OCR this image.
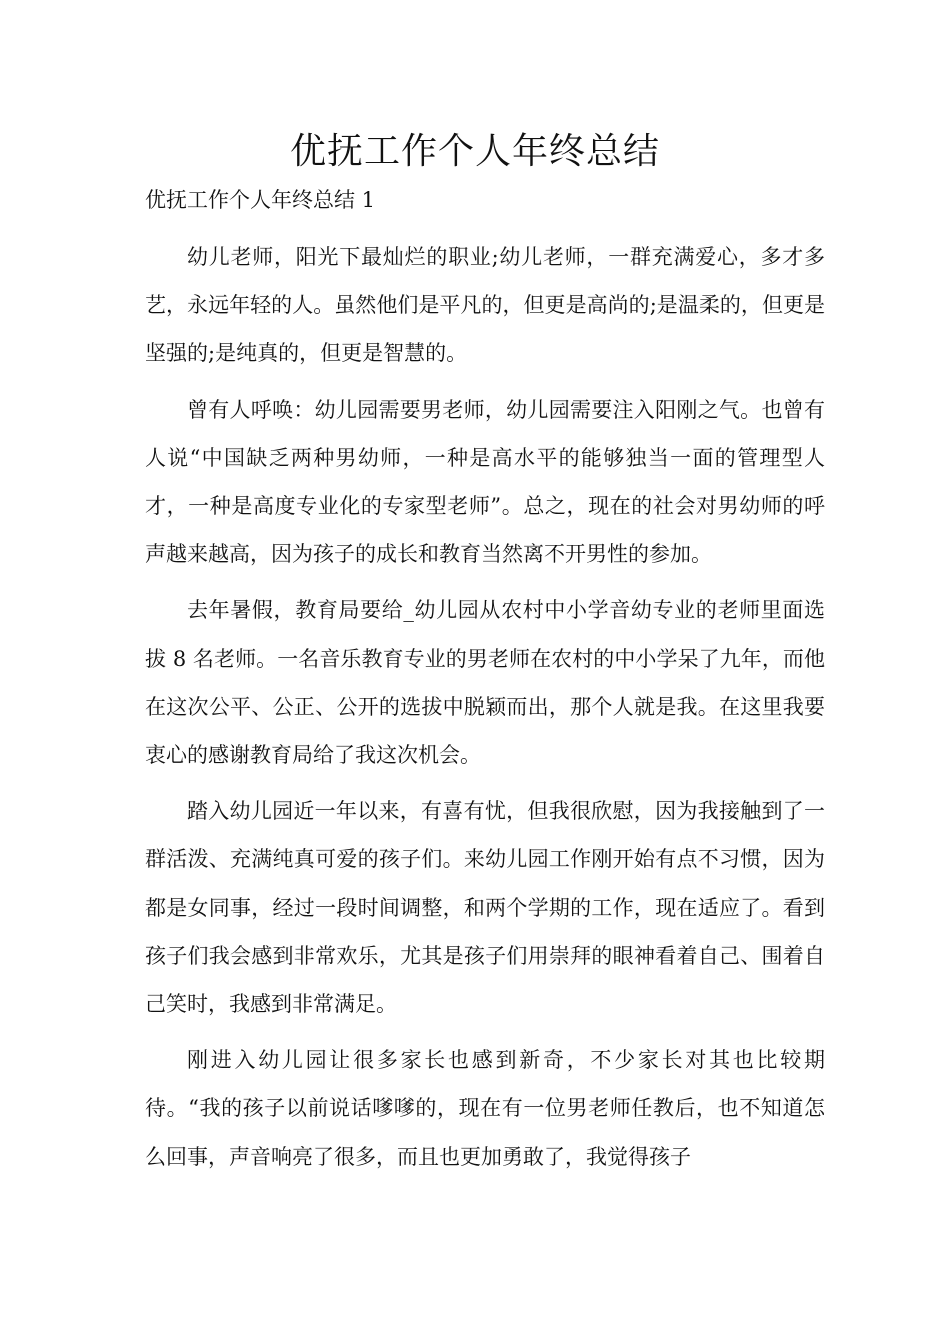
优抚工作个人年终总结
优抚工作个人年终总结 1

幼儿老师，阳光下最灿烂的职业;幼儿老师，一群充满爱心，多才多艺，永远年轻的人。虽然他们是平凡的，但更是高尚的;是温柔的，但更是坚强的;是纯真的，但更是智慧的。

曾有人呼唤：幼儿园需要男老师，幼儿园需要注入阳刚之气。也曾有人说“中国缺乏两种男幼师，一种是高水平的能够独当一面的管理型人才，一种是高度专业化的专家型老师”。总之，现在的社会对男幼师的呼声越来越高，因为孩子的成长和教育当然离不开男性的参加。

去年暑假，教育局要给_幼儿园从农村中小学音幼专业的老师里面选拔 8 名老师。一名音乐教育专业的男老师在农村的中小学呆了九年，而他在这次公平、公正、公开的选拔中脱颖而出，那个人就是我。在这里我要衷心的感谢教育局给了我这次机会。

踏入幼儿园近一年以来，有喜有忧，但我很欣慰，因为我接触到了一群活泼、充满纯真可爱的孩子们。来幼儿园工作刚开始有点不习惯，因为都是女同事，经过一段时间调整，和两个学期的工作，现在适应了。看到孩子们我会感到非常欢乐，尤其是孩子们用崇拜的眼神看着自己、围着自己笑时，我感到非常满足。

刚进入幼儿园让很多家长也感到新奇，不少家长对其也比较期待。“我的孩子以前说话嗲嗲的，现在有一位男老师任教后，也不知道怎么回事，声音响亮了很多，而且也更加勇敢了，我觉得孩子
